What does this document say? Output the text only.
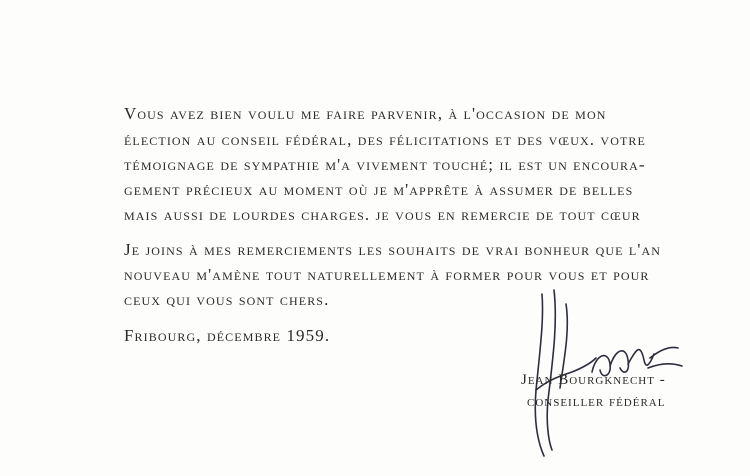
Vous avez bien voulu me faire parvenir, à l'occasion de mon
élection au conseil fédéral, des félicitations et des vœux. votre
témoignage de sympathie m'a vivement touché; il est un encoura-
gement précieux au moment où je m'apprête à assumer de belles
mais aussi de lourdes charges. je vous en remercie de tout cœur
Je joins à mes remerciements les souhaits de vrai bonheur que l'an
nouveau m'amène tout naturellement à former pour vous et pour
ceux qui vous sont chers.
Fribourg, décembre 1959.
Jean Bourgknecht -
conseiller fédéral
